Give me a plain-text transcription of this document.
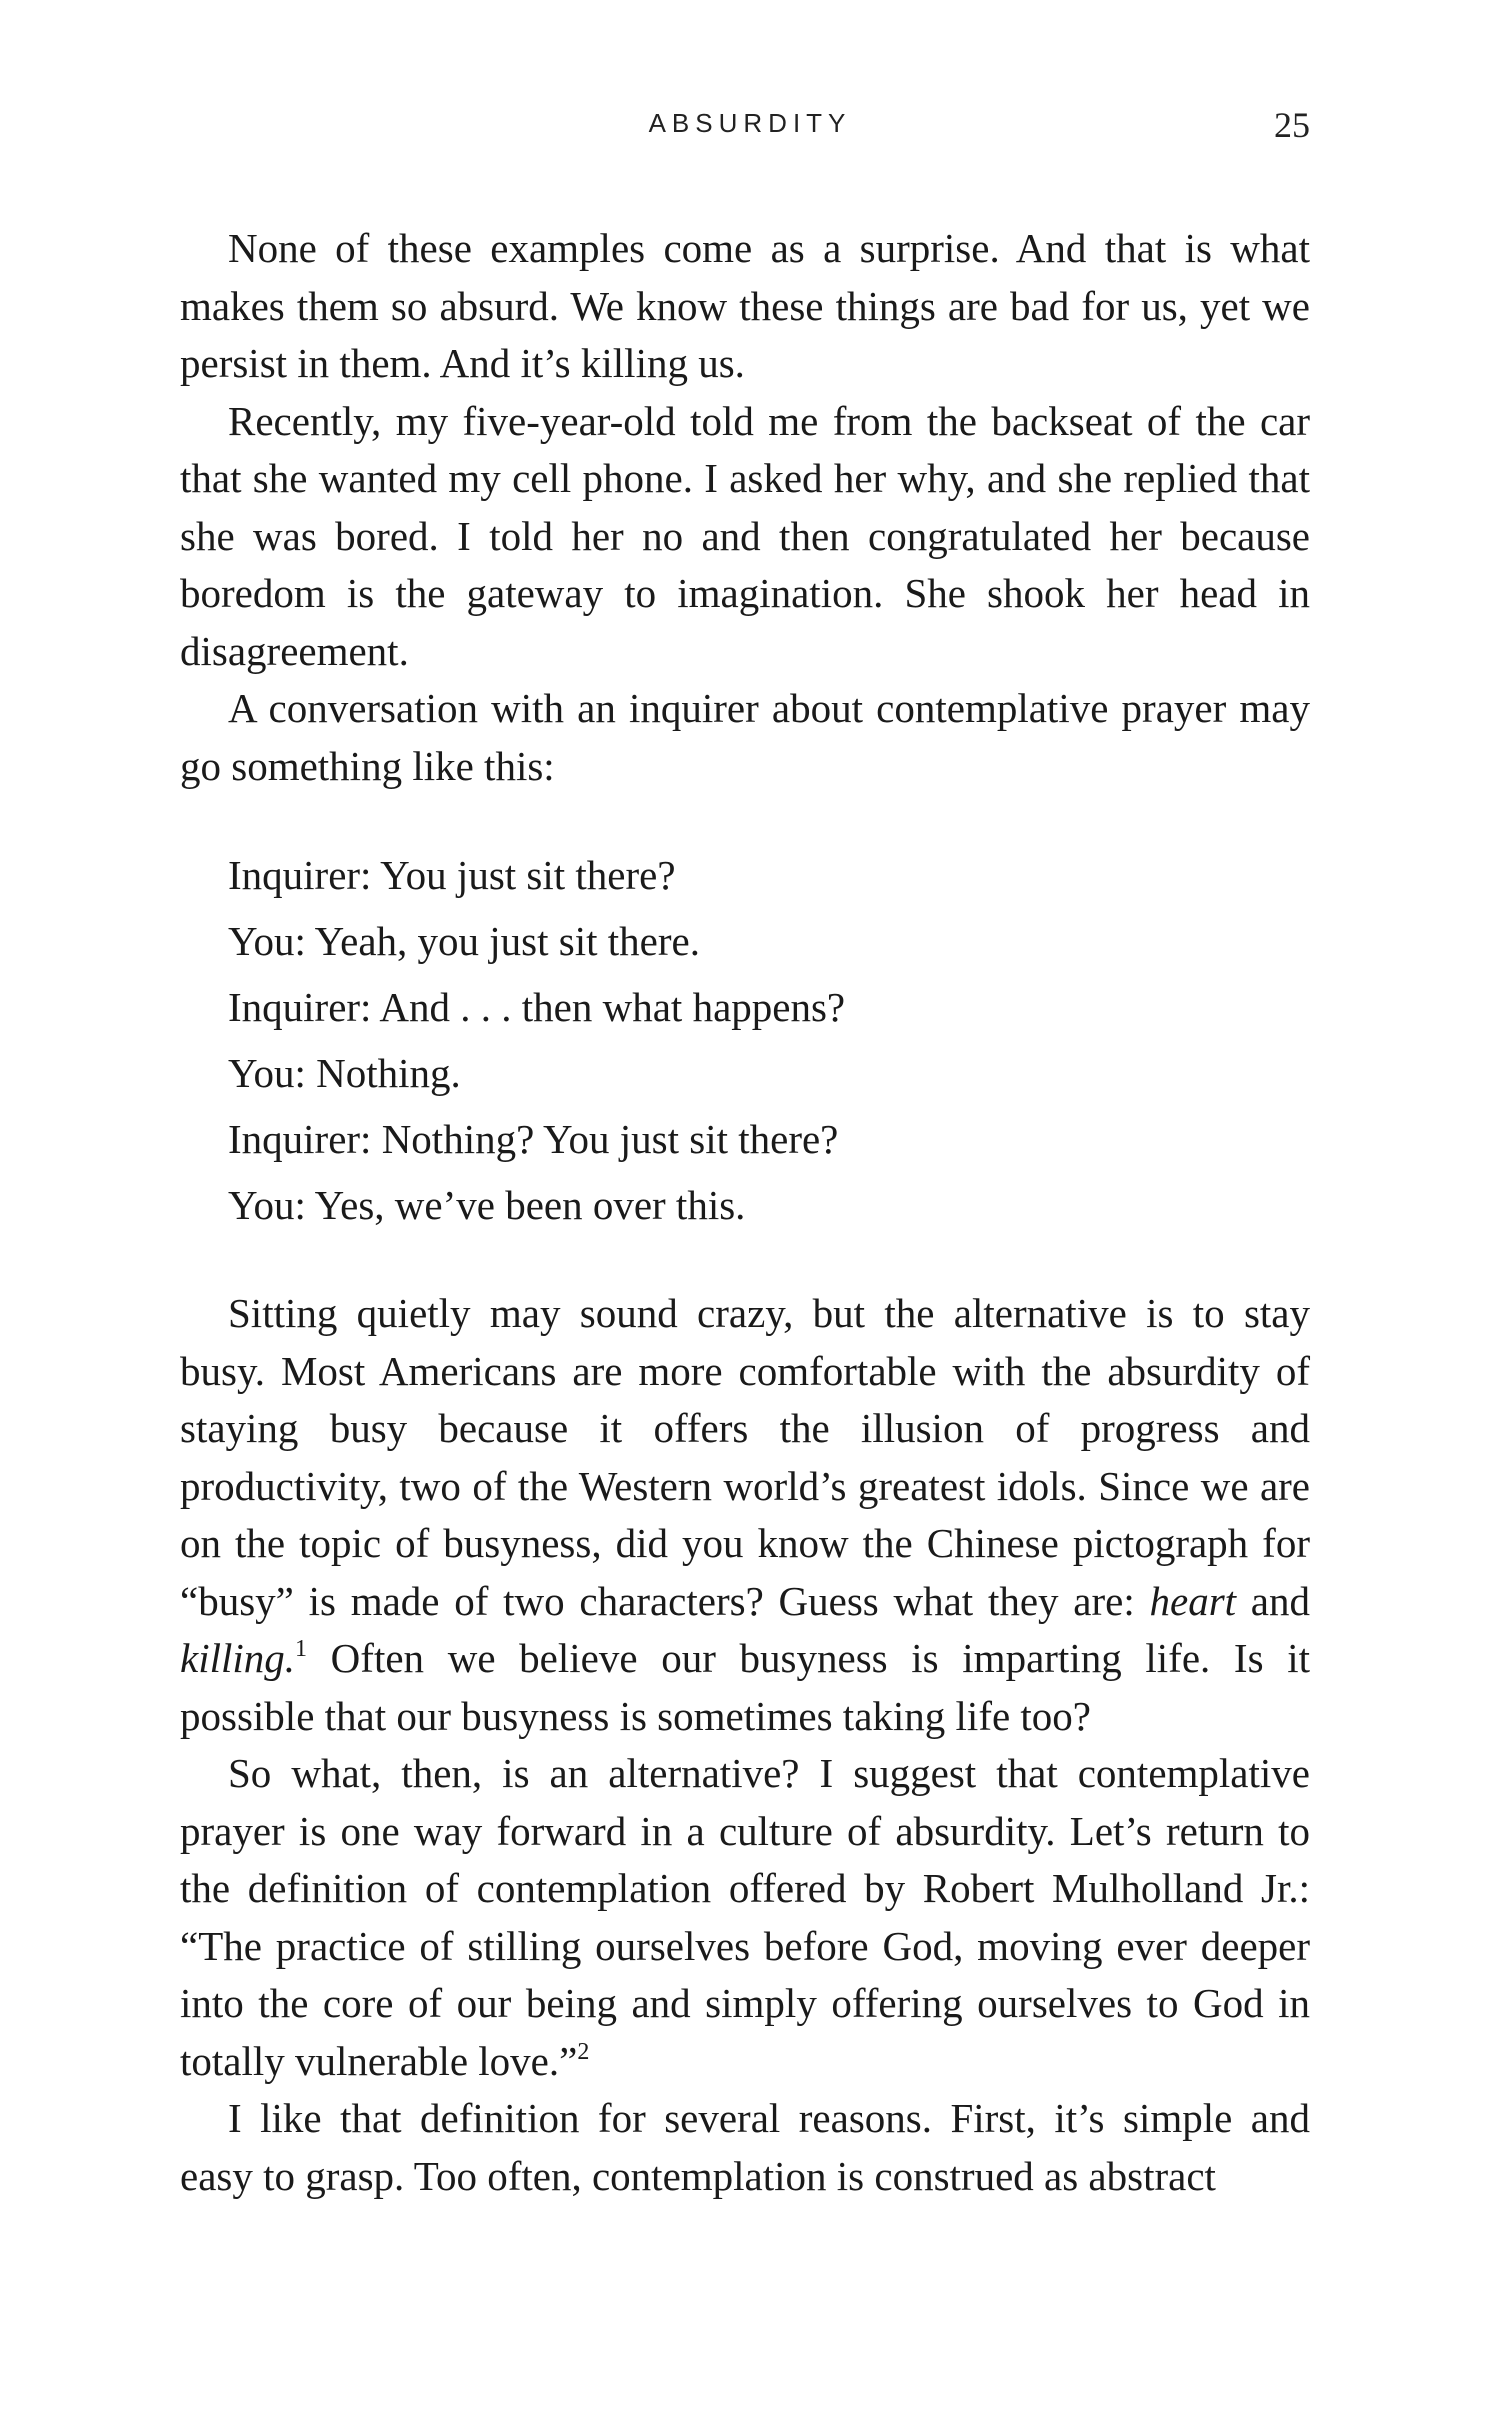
ABSURDITY	25

None of these examples come as a surprise. And that is what makes them so absurd. We know these things are bad for us, yet we persist in them. And it’s killing us.

Recently, my five-year-old told me from the backseat of the car that she wanted my cell phone. I asked her why, and she replied that she was bored. I told her no and then congratulated her because boredom is the gateway to imagination. She shook her head in disagreement.

A conversation with an inquirer about contemplative prayer may go something like this:

Inquirer: You just sit there?
You: Yeah, you just sit there.
Inquirer: And . . . then what happens?
You: Nothing.
Inquirer: Nothing? You just sit there?
You: Yes, we’ve been over this.

Sitting quietly may sound crazy, but the alternative is to stay busy. Most Americans are more comfortable with the absurdity of staying busy because it offers the illusion of progress and productivity, two of the Western world’s greatest idols. Since we are on the topic of busyness, did you know the Chinese pictograph for “busy” is made of two characters? Guess what they are: heart and killing.$^1$ Often we believe our busyness is imparting life. Is it possible that our busyness is sometimes taking life too?

So what, then, is an alternative? I suggest that contemplative prayer is one way forward in a culture of absurdity. Let’s return to the definition of contemplation offered by Robert Mulholland Jr.: “The practice of stilling ourselves before God, moving ever deeper into the core of our being and simply offering ourselves to God in totally vulnerable love.”$^2$

I like that definition for several reasons. First, it’s simple and easy to grasp. Too often, contemplation is construed as abstract
